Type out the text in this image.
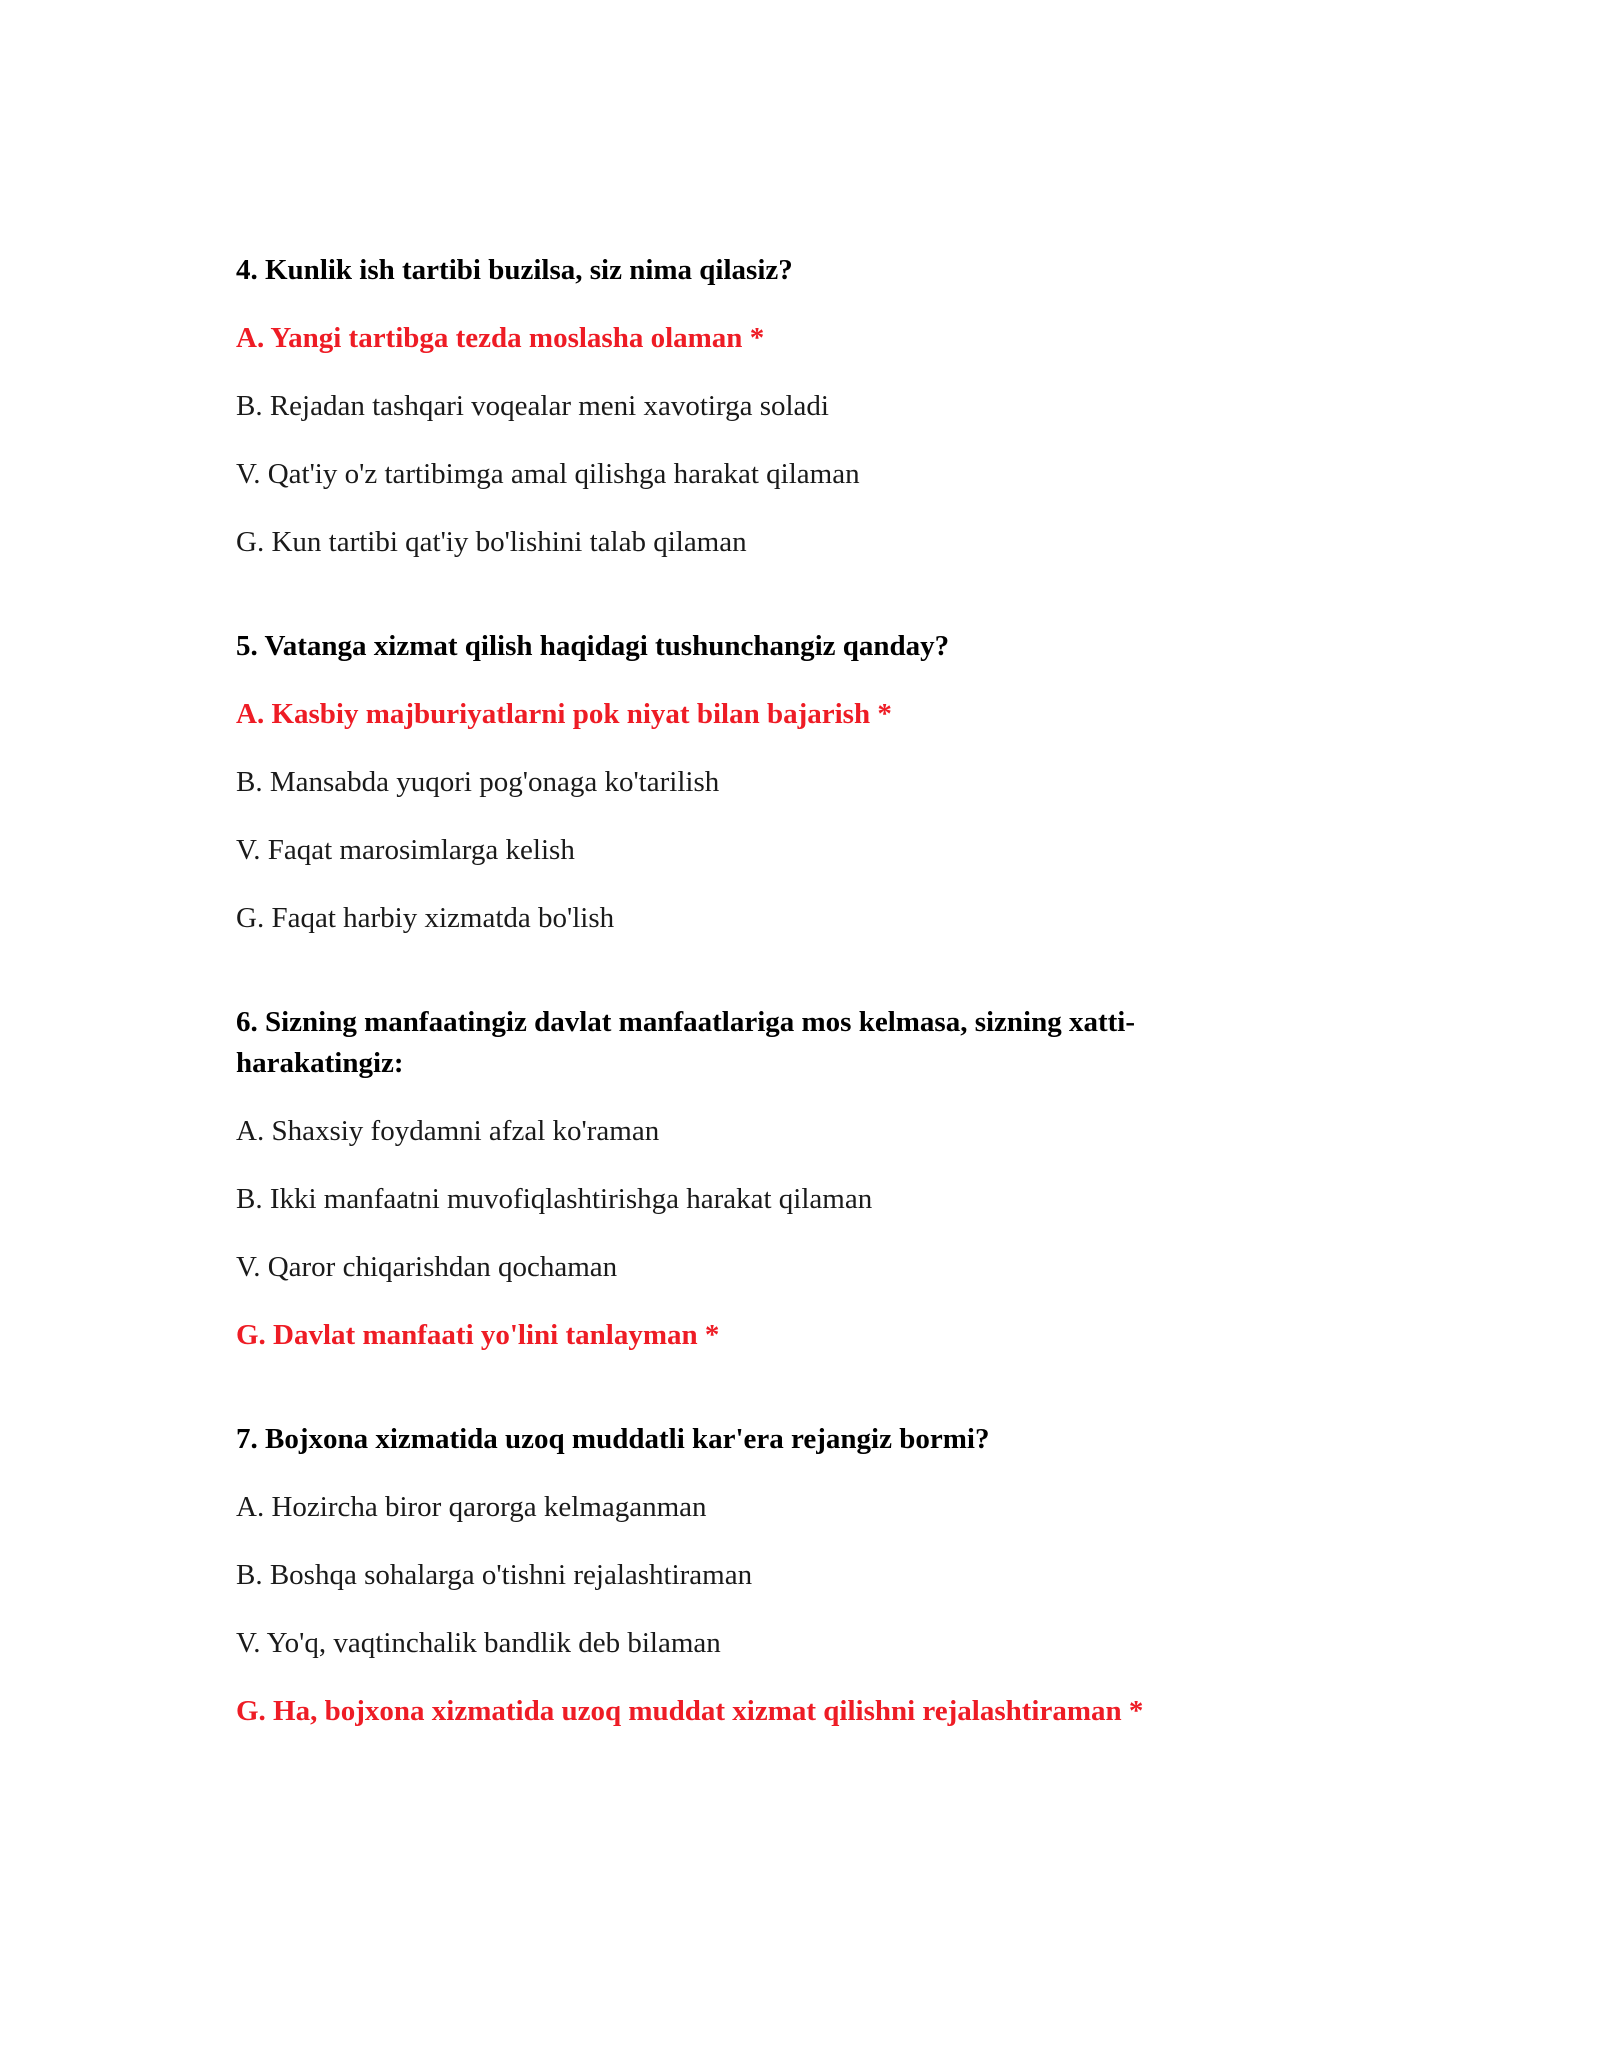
4. Kunlik ish tartibi buzilsa, siz nima qilasiz?

A. Yangi tartibga tezda moslasha olaman *

B. Rejadan tashqari voqealar meni xavotirga soladi

V. Qat'iy o'z tartibimga amal qilishga harakat qilaman

G. Kun tartibi qat'iy bo'lishini talab qilaman

5. Vatanga xizmat qilish haqidagi tushunchangiz qanday?

A. Kasbiy majburiyatlarni pok niyat bilan bajarish *

B. Mansabda yuqori pog'onaga ko'tarilish

V. Faqat marosimlarga kelish

G. Faqat harbiy xizmatda bo'lish

6. Sizning manfaatingiz davlat manfaatlariga mos kelmasa, sizning xatti-harakatingiz:

A. Shaxsiy foydamni afzal ko'raman

B. Ikki manfaatni muvofiqlashtirishga harakat qilaman

V. Qaror chiqarishdan qochaman

G. Davlat manfaati yo'lini tanlayman *

7. Bojxona xizmatida uzoq muddatli kar'era rejangiz bormi?

A. Hozircha biror qarorga kelmaganman

B. Boshqa sohalarga o'tishni rejalashtiraman

V. Yo'q, vaqtinchalik bandlik deb bilaman

G. Ha, bojxona xizmatida uzoq muddat xizmat qilishni rejalashtiraman *
